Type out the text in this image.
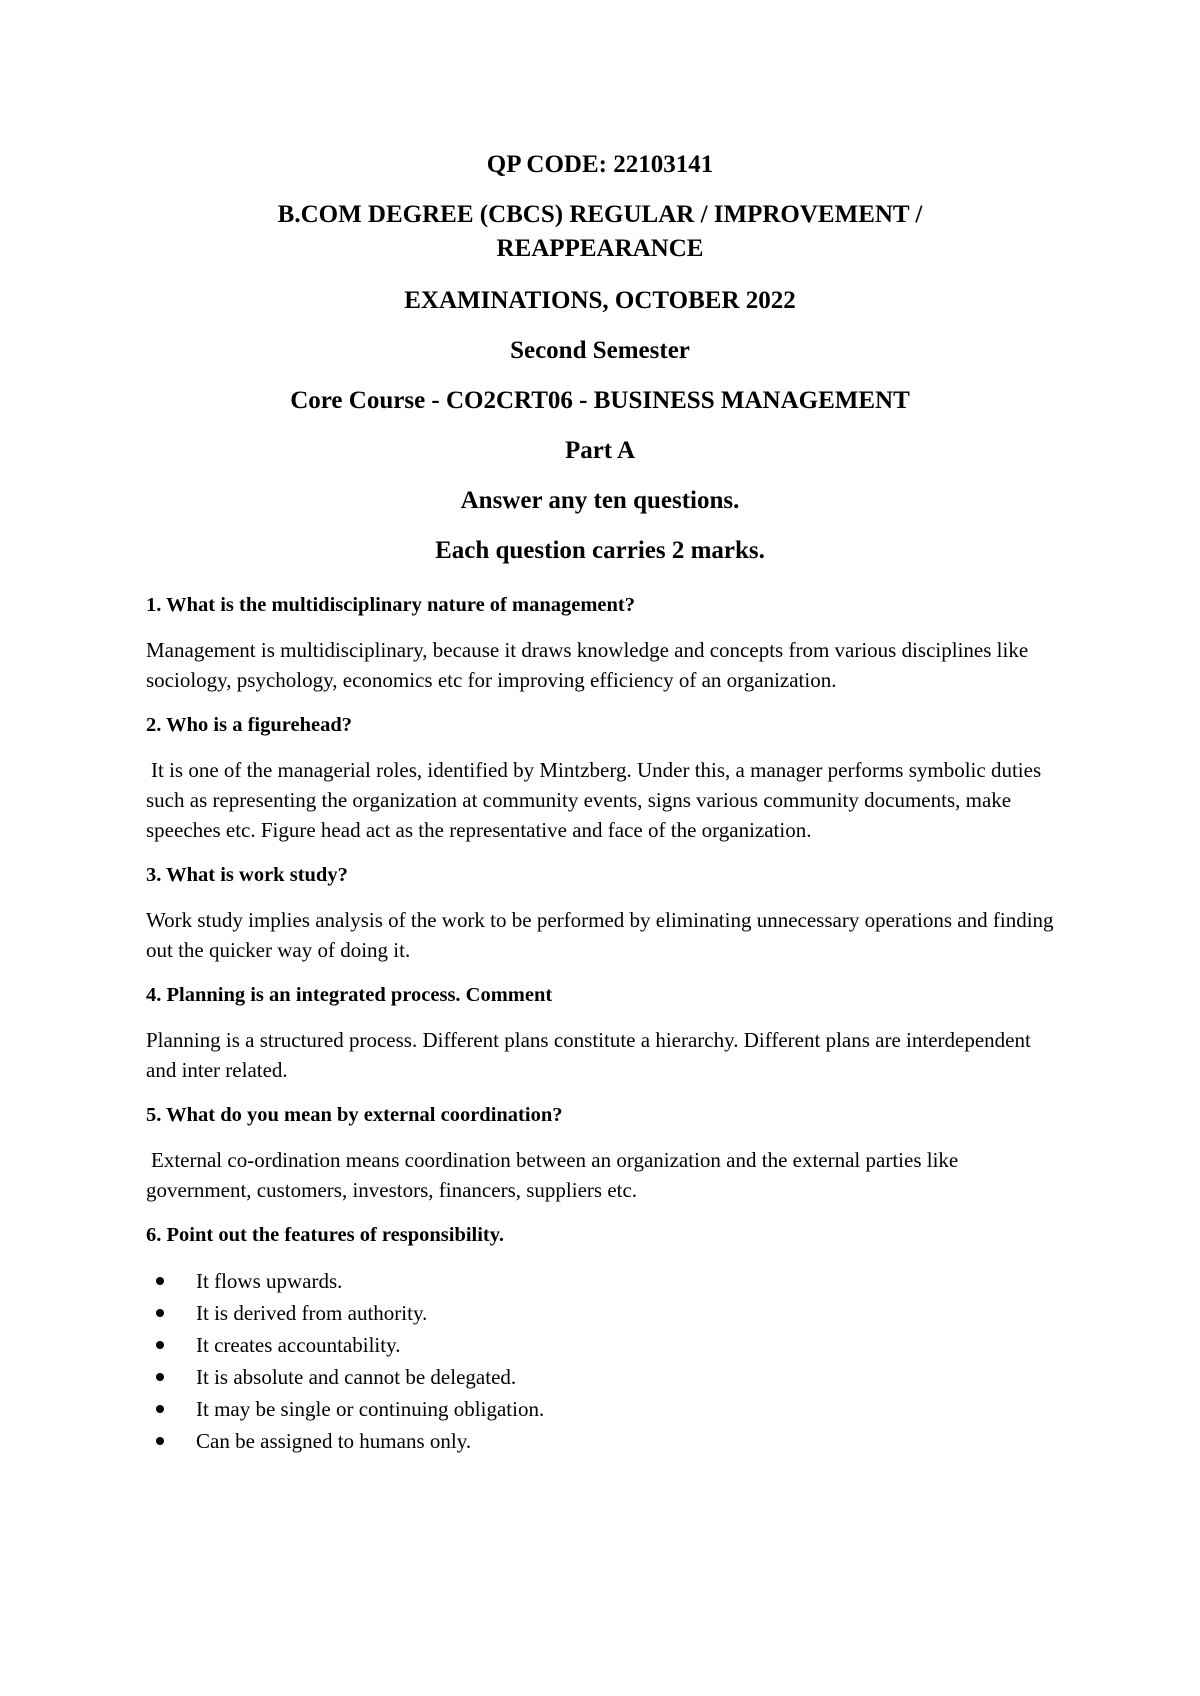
QP CODE: 22103141

B.COM DEGREE (CBCS) REGULAR / IMPROVEMENT /

REAPPEARANCE

EXAMINATIONS, OCTOBER 2022

Second Semester

Core Course - CO2CRT06 - BUSINESS MANAGEMENT

Part A

Answer any ten questions.

Each question carries 2 marks.

1. What is the multidisciplinary nature of management?

Management is multidisciplinary, because it draws knowledge and concepts from various disciplines like sociology, psychology, economics etc for improving efficiency of an organization.

2. Who is a figurehead?

It is one of the managerial roles, identified by Mintzberg. Under this, a manager performs symbolic duties such as representing the organization at community events, signs various community documents, make speeches etc. Figure head act as the representative and face of the organization.

3. What is work study?

Work study implies analysis of the work to be performed by eliminating unnecessary operations and finding out the quicker way of doing it.

4. Planning is an integrated process. Comment

Planning is a structured process. Different plans constitute a hierarchy. Different plans are interdependent and inter related.

5. What do you mean by external coordination?

External co-ordination means coordination between an organization and the external parties like government, customers, investors, financers, suppliers etc.

6. Point out the features of responsibility.

It flows upwards.
It is derived from authority.
It creates accountability.
It is absolute and cannot be delegated.
It may be single or continuing obligation.
Can be assigned to humans only.
